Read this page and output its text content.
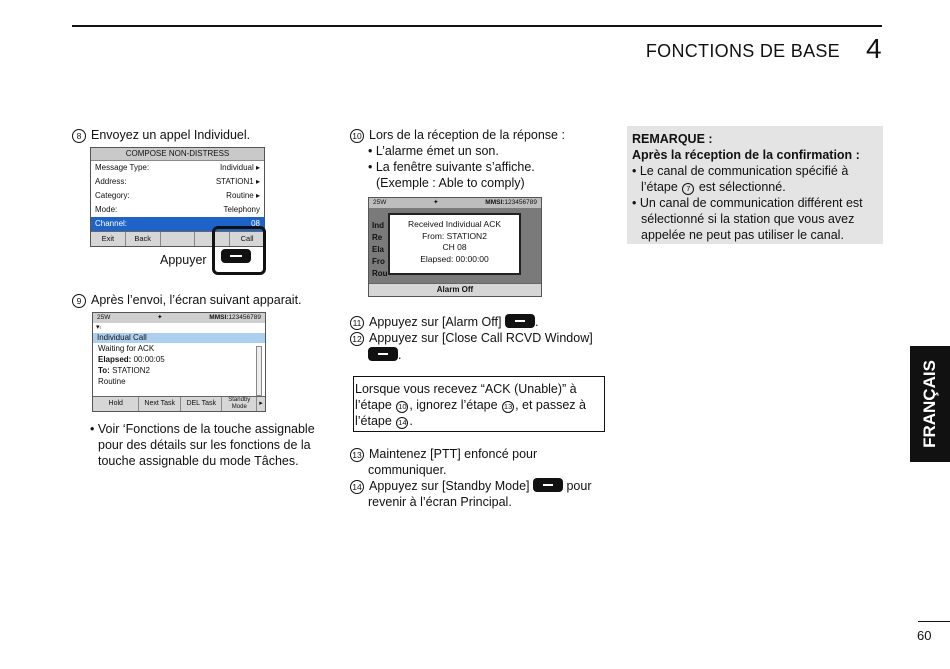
FONCTIONS DE BASE 4
8 Envoyez un appel Individuel.
COMPOSE NON-DISTRESS
Message Type:	Individual ▸
Address:	STATION1 ▸
Category:	Routine ▸
Mode:	Telephony
Channel:	08
Exit	Back	Call
Appuyer
9 Après l’envoi, l’écran suivant apparait.
25W	✦	MMSI:123456789
▾ₗ
Individual Call
Waiting for ACK
Elapsed: 00:00:05
To: STATION2
Routine
Hold	Next Task	DEL Task	Standby Mode	▸
• Voir ‘Fonctions de la touche assignable
pour des détails sur les fonctions de la
touche assignable du mode Tâches.
10 Lors de la réception de la réponse :
• L’alarme émet un son.
• La fenêtre suivante s’affiche.
(Exemple : Able to comply)
25W	✦	MMSI:123456789
Ind
Re
Ela
Fro
Rou
Received Individual ACK
From: STATION2
CH 08
Elapsed: 00:00:00
Alarm Off
11 Appuyez sur [Alarm Off]	.
12 Appuyez sur [Close Call RCVD Window]
.
Lorsque vous recevez “ACK (Unable)” à
l’étape 10 , ignorez l’étape 13 , et passez à
l’étape 14 .
13 Maintenez [PTT] enfoncé pour
communiquer.
14 Appuyez sur [Standby Mode]	pour
revenir à l’écran Principal.
REMARQUE :
Après la réception de la confirmation :
• Le canal de communication spécifié à
l’étape 7 est sélectionné.
• Un canal de communication différent est
sélectionné si la station que vous avez
appelée ne peut pas utiliser le canal.
FRANÇAIS
60
